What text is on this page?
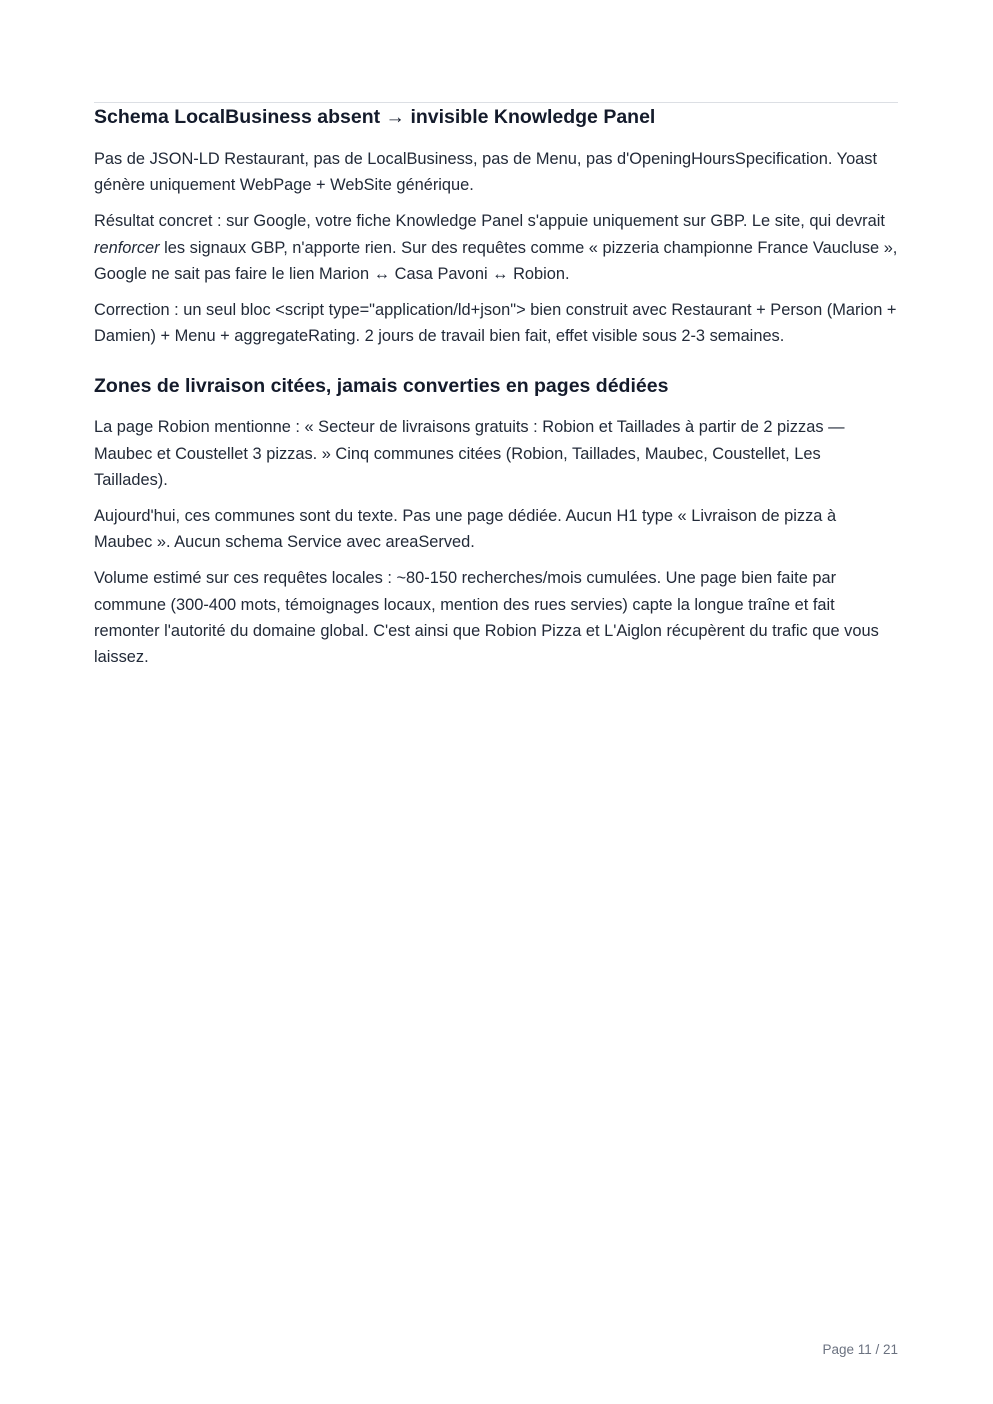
Schema LocalBusiness absent → invisible Knowledge Panel

Pas de JSON-LD Restaurant, pas de LocalBusiness, pas de Menu, pas d'OpeningHoursSpecification. Yoast génère uniquement WebPage + WebSite générique.

Résultat concret : sur Google, votre fiche Knowledge Panel s'appuie uniquement sur GBP. Le site, qui devrait renforcer les signaux GBP, n'apporte rien. Sur des requêtes comme « pizzeria championne France Vaucluse », Google ne sait pas faire le lien Marion ↔ Casa Pavoni ↔ Robion.

Correction : un seul bloc <script type="application/ld+json"> bien construit avec Restaurant + Person (Marion + Damien) + Menu + aggregateRating. 2 jours de travail bien fait, effet visible sous 2-3 semaines.

Zones de livraison citées, jamais converties en pages dédiées

La page Robion mentionne : « Secteur de livraisons gratuits : Robion et Taillades à partir de 2 pizzas — Maubec et Coustellet 3 pizzas. » Cinq communes citées (Robion, Taillades, Maubec, Coustellet, Les Taillades).

Aujourd'hui, ces communes sont du texte. Pas une page dédiée. Aucun H1 type « Livraison de pizza à Maubec ». Aucun schema Service avec areaServed.

Volume estimé sur ces requêtes locales : ~80-150 recherches/mois cumulées. Une page bien faite par commune (300-400 mots, témoignages locaux, mention des rues servies) capte la longue traîne et fait remonter l'autorité du domaine global. C'est ainsi que Robion Pizza et L'Aiglon récupèrent du trafic que vous laissez.

Page 11 / 21
